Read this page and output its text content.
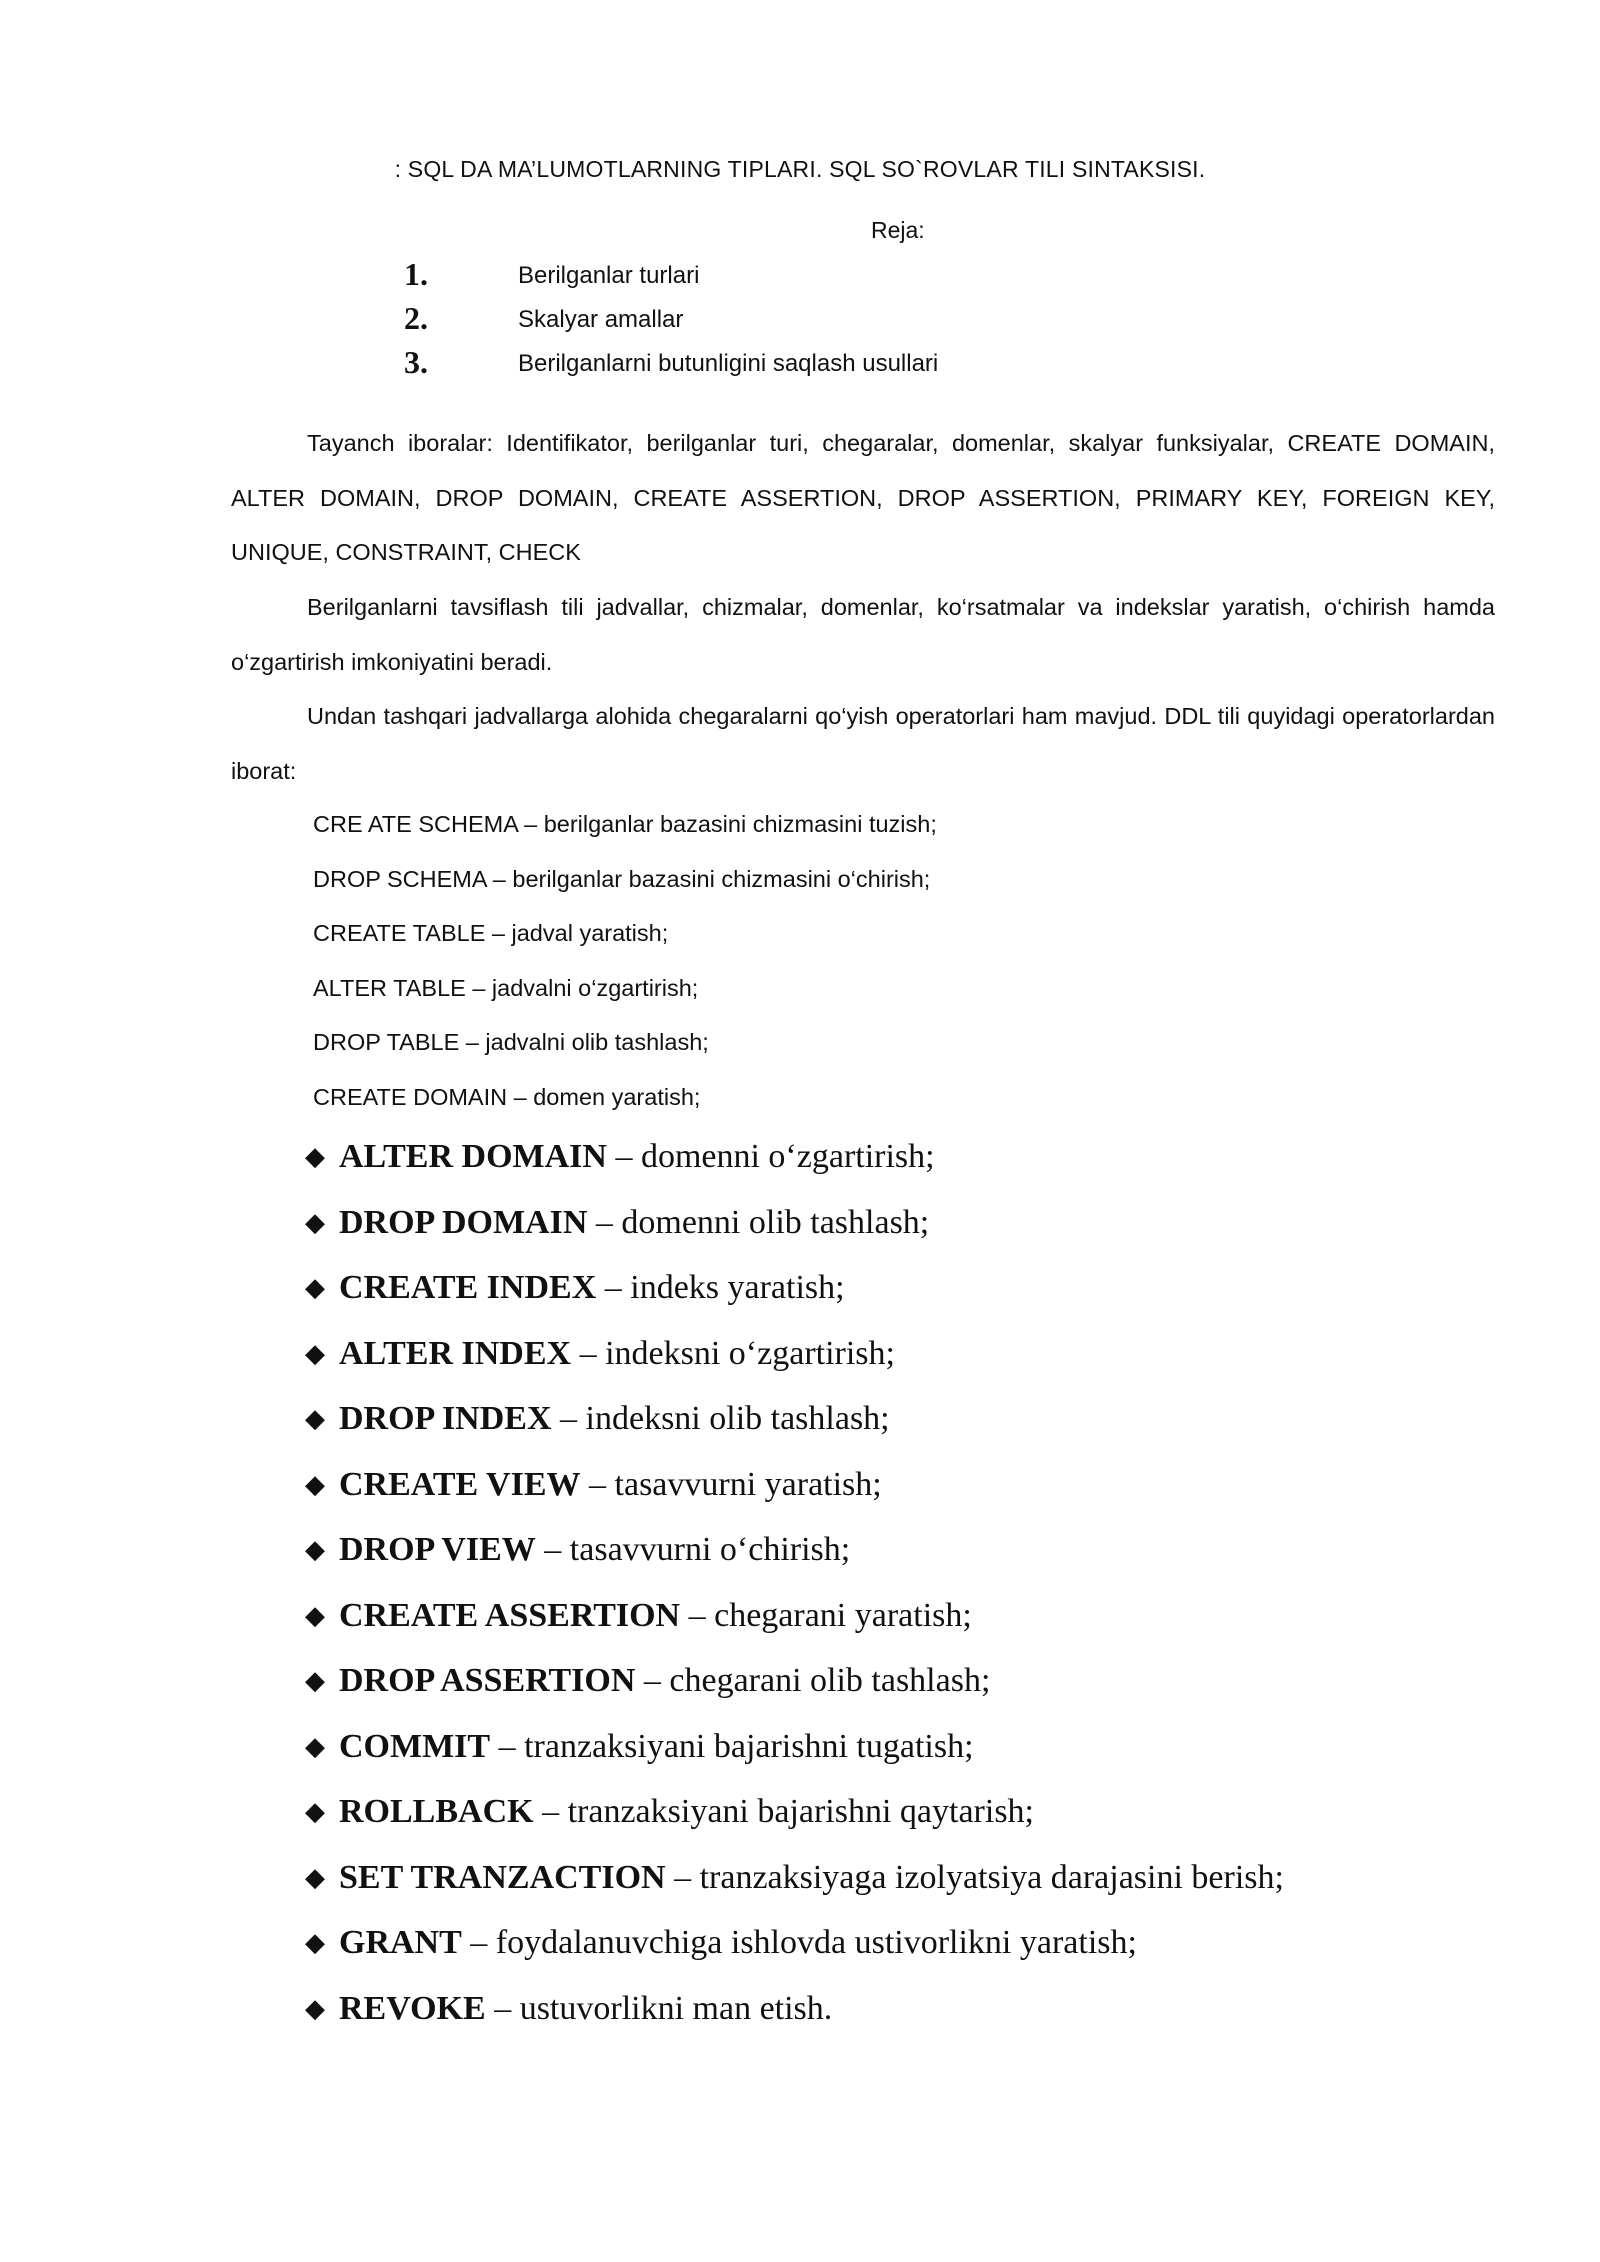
: SQL DA MA’LUMOTLARNING TIPLARI. SQL SO`ROVLAR TILI SINTAKSISI.
Reja:
1.	Berilganlar turlari
2.	Skalyar amallar
3.	Berilganlarni butunligini saqlash usullari
Tayanch iboralar: Identifikator, berilganlar turi, chegaralar, domenlar, skalyar funksiyalar, CREATE DOMAIN, ALTER DOMAIN, DROP DOMAIN, CREATE ASSERTION, DROP ASSERTION, PRIMARY KEY, FOREIGN KEY, UNIQUE, CONSTRAINT, CHECK
Berilganlarni tavsiflash tili jadvallar, chizmalar, domenlar, ko‘rsatmalar va indekslar yaratish, o‘chirish hamda o‘zgartirish imkoniyatini beradi.
Undan tashqari jadvallarga alohida chegaralarni qo‘yish operatorlari ham mavjud. DDL tili quyidagi operatorlardan iborat:
CRE ATE SCHEMA – berilganlar bazasini chizmasini tuzish;
DROP SCHEMA – berilganlar bazasini chizmasini o‘chirish;
CREATE TABLE – jadval yaratish;
ALTER TABLE – jadvalni o‘zgartirish;
DROP TABLE – jadvalni olib tashlash;
CREATE DOMAIN – domen yaratish;
◆ ALTER DOMAIN – domenni o‘zgartirish;
◆ DROP DOMAIN – domenni olib tashlash;
◆ CREATE INDEX – indeks yaratish;
◆ ALTER INDEX – indeksni o‘zgartirish;
◆ DROP INDEX – indeksni olib tashlash;
◆ CREATE VIEW – tasavvurni yaratish;
◆ DROP VIEW – tasavvurni o‘chirish;
◆ CREATE ASSERTION – chegarani yaratish;
◆ DROP ASSERTION – chegarani olib tashlash;
◆ COMMIT – tranzaksiyani bajarishni tugatish;
◆ ROLLBACK – tranzaksiyani bajarishni qaytarish;
◆ SET TRANZACTION – tranzaksiyaga izolyatsiya darajasini berish;
◆ GRANT – foydalanuvchiga ishlovda ustivorlikni yaratish;
◆ REVOKE – ustuvorlikni man etish.
